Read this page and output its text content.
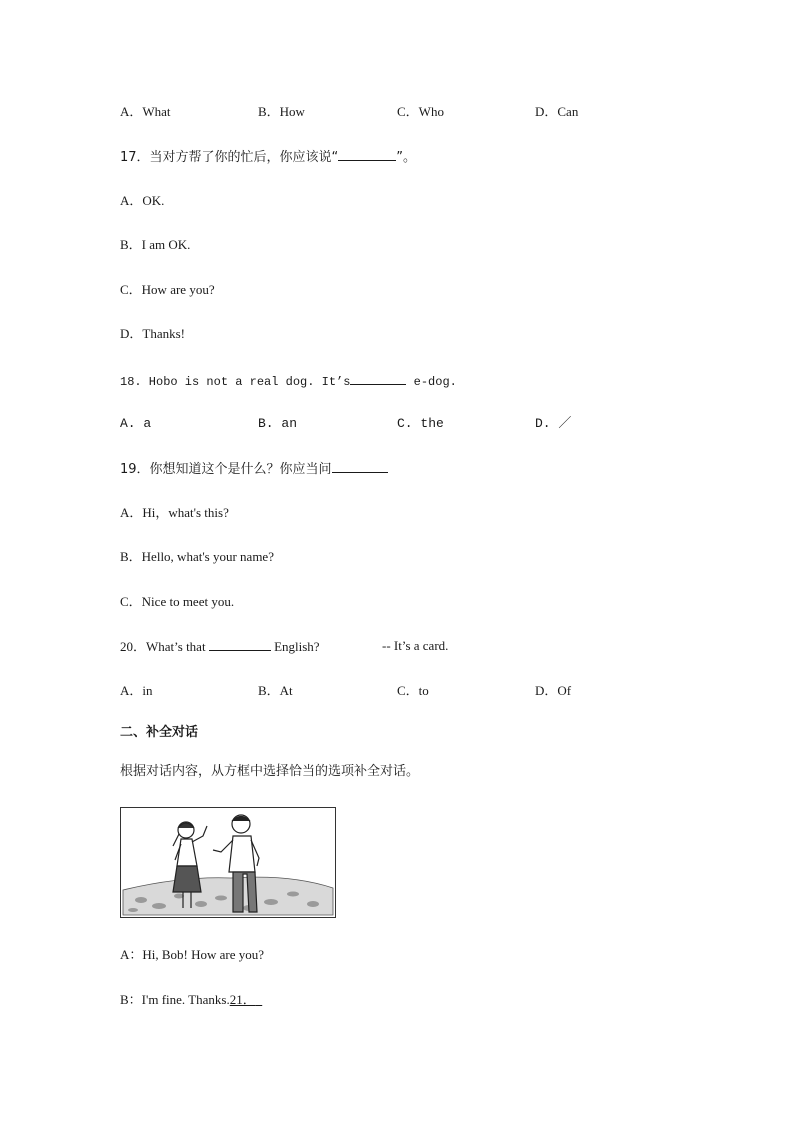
A．What	B．How	C．Who	D．Can
17．当对方帮了你的忙后，你应该说“	”。
A．OK.
B．I am OK.
C．How are you?
D．Thanks!
18. Hobo is not a real dog. It’s	e-dog.
A. a	B. an	C. the	D. ／
19．你想知道这个是什么？你应当问
A．Hi，what's this?
B．Hello, what's your name?
C．Nice to meet you.
20．What’s that	English?	-- It’s a card.
A．in	B．At	C．to	D．Of
二、补全对话
根据对话内容，从方框中选择恰当的选项补全对话。
A：Hi, Bob! How are you?
B：I'm fine. Thanks.21．
